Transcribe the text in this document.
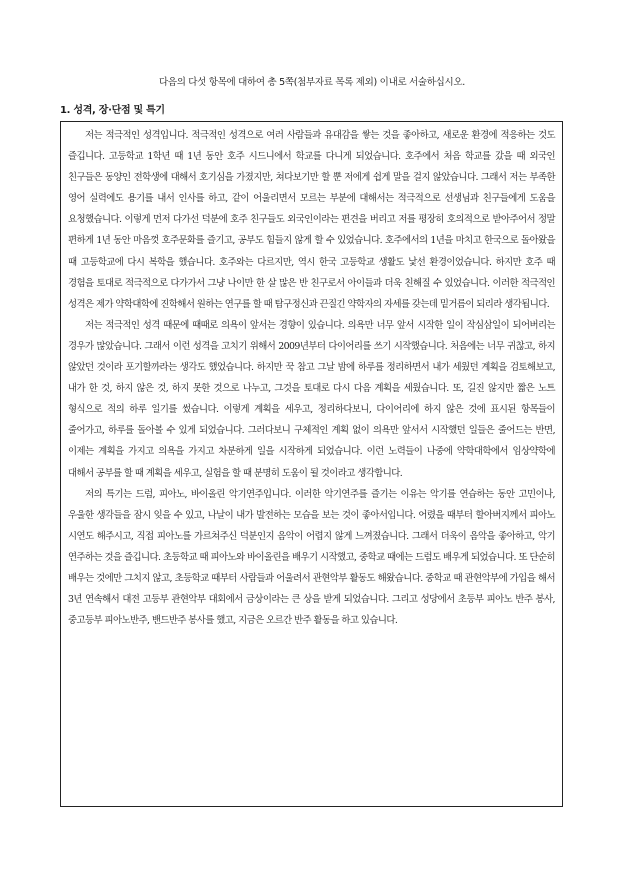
다음의 다섯 항목에 대하여 총 5쪽(첨부자료 목록 제외) 이내로 서술하십시오.
1. 성격, 장·단점 및 특기

저는 적극적인 성격입니다. 적극적인 성격으로 여러 사람들과 유대감을 쌓는 것을 좋아하고, 새로운 환경에 적응하는 것도 즐깁니다. 고등학교 1학년 때 1년 동안 호주 시드니에서 학교를 다니게 되었습니다. 호주에서 처음 학교를 갔을 때 외국인 친구들은 동양인 전학생에 대해서 호기심을 가졌지만, 쳐다보기만 할 뿐 저에게 쉽게 말을 걸지 않았습니다. 그래서 저는 부족한 영어 실력에도 용기를 내서 인사를 하고, 같이 어울리면서 모르는 부분에 대해서는 적극적으로 선생님과 친구들에게 도움을 요청했습니다. 이렇게 먼저 다가선 덕분에 호주 친구들도 외국인이라는 편견을 버리고 저를 평장히 호의적으로 받아주어서 정말 편하게 1년 동안 마음껏 호주문화를 즐기고, 공부도 힘들지 않게 할 수 있었습니다. 호주에서의 1년을 마치고 한국으로 돌아왔을 때 고등학교에 다시 복학을 했습니다. 호주와는 다르지만, 역시 한국 고등학교 생활도 낯선 환경이었습니다. 하지만 호주 때 경험을 토대로 적극적으로 다가가서 그냥 나이만 한 살 많은 반 친구로서 아이들과 더욱 친해질 수 있었습니다. 이러한 적극적인 성격은 제가 약학대학에 진학해서 원하는 연구를 할 때 탐구정신과 끈질긴 약학자의 자세를 갖는데 밑거름이 되리라 생각됩니다.

저는 적극적인 성격 때문에 때때로 의욕이 앞서는 경향이 있습니다. 의욕만 너무 앞서 시작한 일이 작심삼일이 되어버리는 경우가 많았습니다. 그래서 이런 성격을 고치기 위해서 2009년부터 다이어리를 쓰기 시작했습니다. 처음에는 너무 귀찮고, 하지 않았던 것이라 포기할까라는 생각도 했었습니다. 하지만 꾹 참고 그날 밤에 하루를 정리하면서 내가 세웠던 계획을 검토해보고, 내가 한 것, 하지 않은 것, 하지 못한 것으로 나누고, 그것을 토대로 다시 다음 계획을 세웠습니다. 또, 길진 않지만 짧은 노트 형식으로 적의 하루 일기를 썼습니다. 이렇게 계획을 세우고, 정리하다보니, 다이어리에 하지 않은 것에 표시된 항목들이 줄어가고, 하루를 돌아볼 수 있게 되었습니다. 그러다보니 구체적인 계획 없이 의욕만 앞서서 시작했던 일들은 줄어드는 반면, 이제는 계획을 가지고 의욕을 가지고 차분하게 일을 시작하게 되었습니다. 이런 노력들이 나중에 약학대학에서 임상약학에 대해서 공부를 할 때 계획을 세우고, 실험을 할 때 분명히 도움이 될 것이라고 생각합니다.

저의 특기는 드럼, 피아노, 바이올린 악기연주입니다. 이러한 악기연주를 즐기는 이유는 악기를 연습하는 동안 고민이나, 우울한 생각들을 잠시 잊을 수 있고, 나날이 내가 발전하는 모습을 보는 것이 좋아서입니다. 어렸을 때부터 할아버지께서 피아노 시연도 해주시고, 직접 피아노를 가르쳐주신 덕분인지 음악이 어렵지 않게 느껴졌습니다. 그래서 더욱이 음악을 좋아하고, 악기 연주하는 것을 즐깁니다. 초등학교 때 피아노와 바이올린을 배우기 시작했고, 중학교 때에는 드럼도 배우게 되었습니다. 또 단순히 배우는 것에만 그치지 않고, 초등학교 때부터 사람들과 어울려서 관현악부 활동도 해왔습니다. 중학교 때 관현악부에 가입을 해서 3년 연속해서 대전 고등부 관현악부 대회에서 금상이라는 큰 상을 받게 되었습니다. 그리고 성당에서 초등부 피아노 반주 봉사, 중고등부 피아노반주, 밴드반주 봉사를 했고, 지금은 오르간 반주 활동을 하고 있습니다.
